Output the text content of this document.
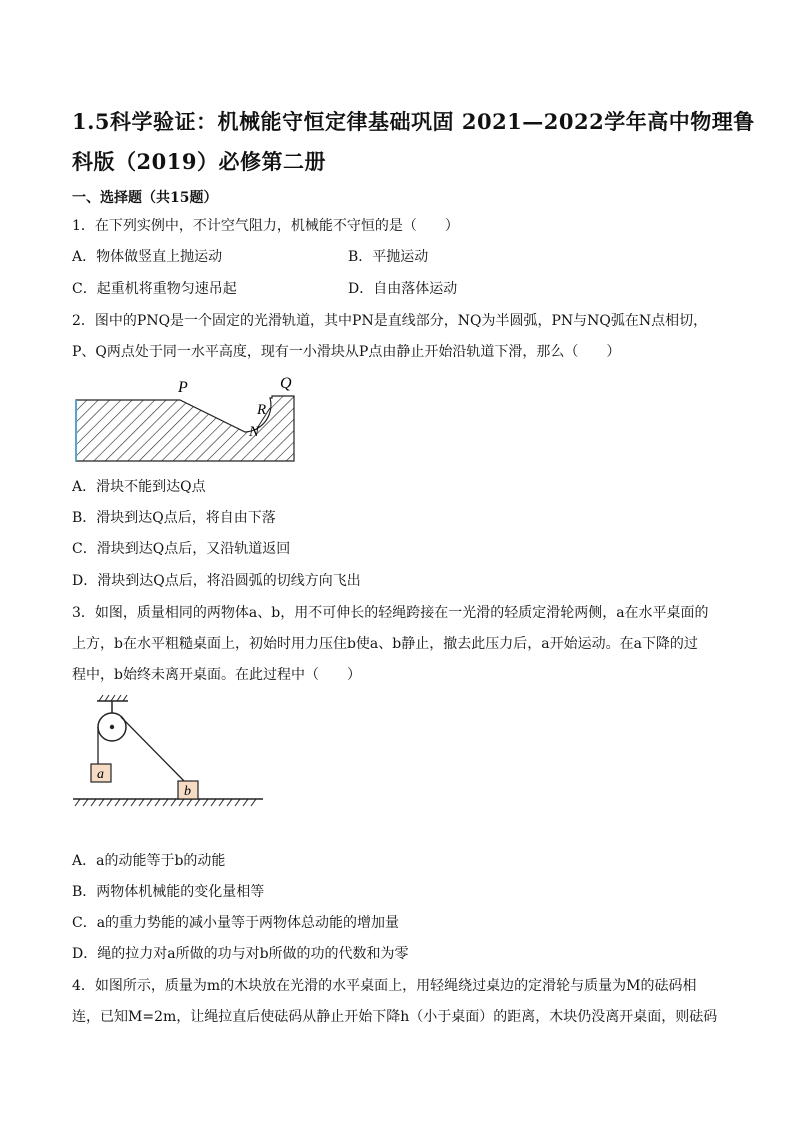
1.5科学验证：机械能守恒定律基础巩固 2021—2022学年高中物理鲁
科版（2019）必修第二册
一、选择题（共15题）
1．在下列实例中，不计空气阻力，机械能不守恒的是（　　）
A．物体做竖直上抛运动	B．平抛运动
C．起重机将重物匀速吊起	D．自由落体运动
2．图中的PNQ是一个固定的光滑轨道，其中PN是直线部分，NQ为半圆弧，PN与NQ弧在N点相切，
P、Q两点处于同一水平高度，现有一小滑块从P点由静止开始沿轨道下滑，那么（　　）
P	Q
R
N
A．滑块不能到达Q点
B．滑块到达Q点后，将自由下落
C．滑块到达Q点后，又沿轨道返回
D．滑块到达Q点后，将沿圆弧的切线方向飞出
3．如图，质量相同的两物体a、b，用不可伸长的轻绳跨接在一光滑的轻质定滑轮两侧，a在水平桌面的
上方，b在水平粗糙桌面上，初始时用力压住b使a、b静止，撤去此压力后，a开始运动。在a下降的过
程中，b始终未离开桌面。在此过程中（　　）
a
b
A．a的动能等于b的动能
B．两物体机械能的变化量相等
C．a的重力势能的减小量等于两物体总动能的增加量
D．绳的拉力对a所做的功与对b所做的功的代数和为零
4．如图所示，质量为m的木块放在光滑的水平桌面上，用轻绳绕过桌边的定滑轮与质量为M的砝码相
连，已知M=2m，让绳拉直后使砝码从静止开始下降h（小于桌面）的距离，木块仍没离开桌面，则砝码
